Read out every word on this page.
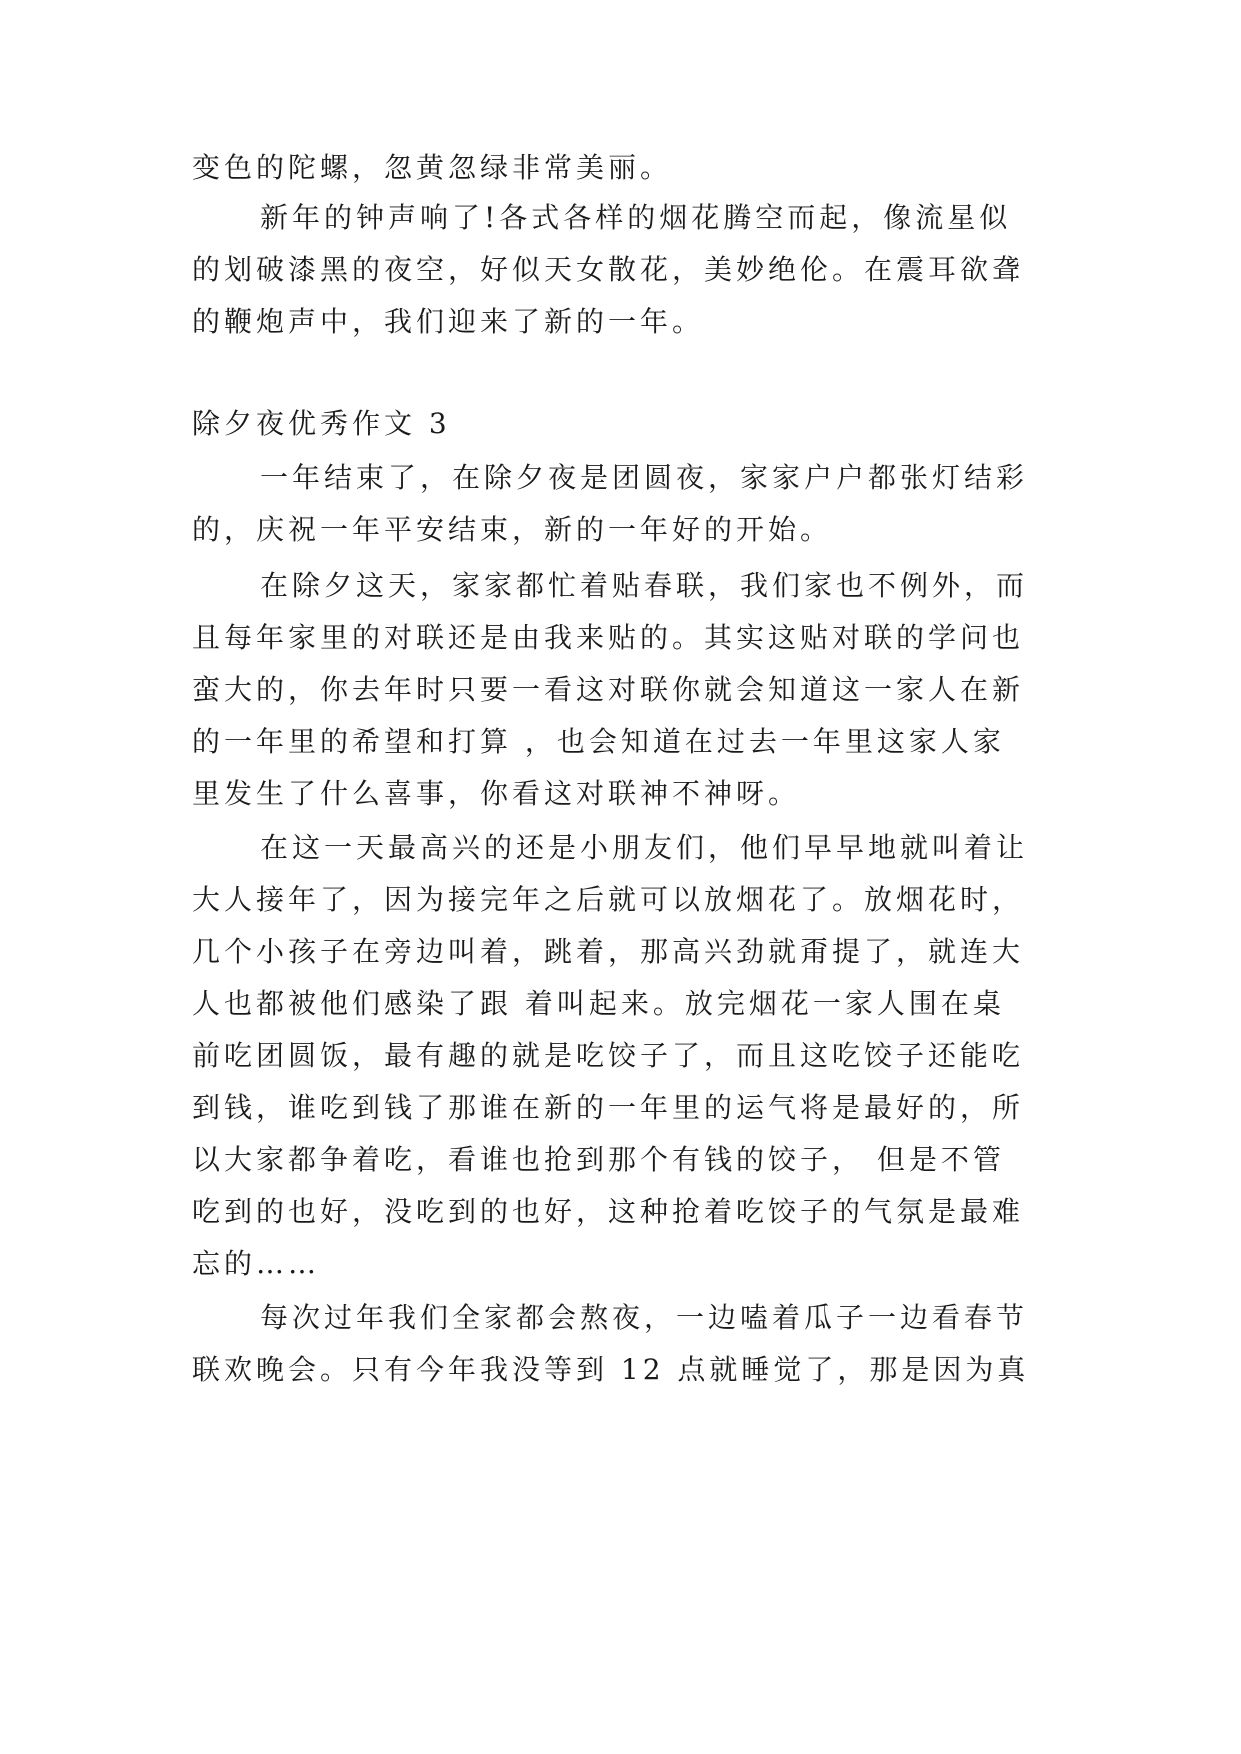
变色的陀螺，忽黄忽绿非常美丽。
新年的钟声响了!各式各样的烟花腾空而起，像流星似
的划破漆黑的夜空，好似天女散花，美妙绝伦。在震耳欲聋
的鞭炮声中，我们迎来了新的一年。
除夕夜优秀作文 3
一年结束了，在除夕夜是团圆夜，家家户户都张灯结彩
的，庆祝一年平安结束，新的一年好的开始。
在除夕这天，家家都忙着贴春联，我们家也不例外，而
且每年家里的对联还是由我来贴的。其实这贴对联的学问也
蛮大的，你去年时只要一看这对联你就会知道这一家人在新
的一年里的希望和打算 ，也会知道在过去一年里这家人家
里发生了什么喜事，你看这对联神不神呀。
在这一天最高兴的还是小朋友们，他们早早地就叫着让
大人接年了，因为接完年之后就可以放烟花了。放烟花时，
几个小孩子在旁边叫着，跳着，那高兴劲就甭提了，就连大
人也都被他们感染了跟 着叫起来。放完烟花一家人围在桌
前吃团圆饭，最有趣的就是吃饺子了，而且这吃饺子还能吃
到钱，谁吃到钱了那谁在新的一年里的运气将是最好的，所
以大家都争着吃，看谁也抢到那个有钱的饺子， 但是不管
吃到的也好，没吃到的也好，这种抢着吃饺子的气氛是最难
忘的……
每次过年我们全家都会熬夜，一边嗑着瓜子一边看春节
联欢晚会。只有今年我没等到 12 点就睡觉了，那是因为真
